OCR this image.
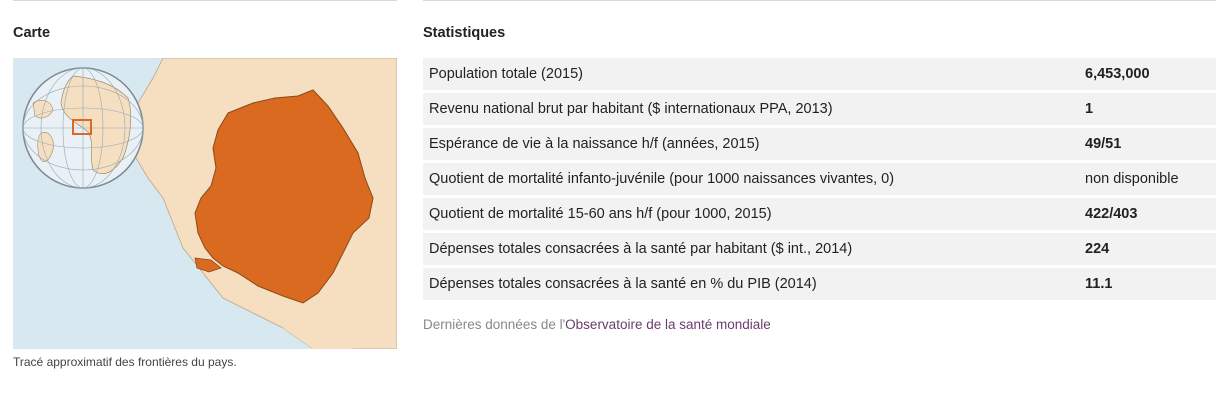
Carte
Tracé approximatif des frontières du pays.
Statistiques
Population totale (2015)	6,453,000
Revenu national brut par habitant ($ internationaux PPA, 2013)	1
Espérance de vie à la naissance h/f (années, 2015)	49/51
Quotient de mortalité infanto-juvénile (pour 1000 naissances vivantes, 0)	non disponible
Quotient de mortalité 15-60 ans h/f (pour 1000, 2015)	422/403
Dépenses totales consacrées à la santé par habitant ($ int., 2014)	224
Dépenses totales consacrées à la santé en % du PIB (2014)	11.1
Dernières données de l'Observatoire de la santé mondiale
